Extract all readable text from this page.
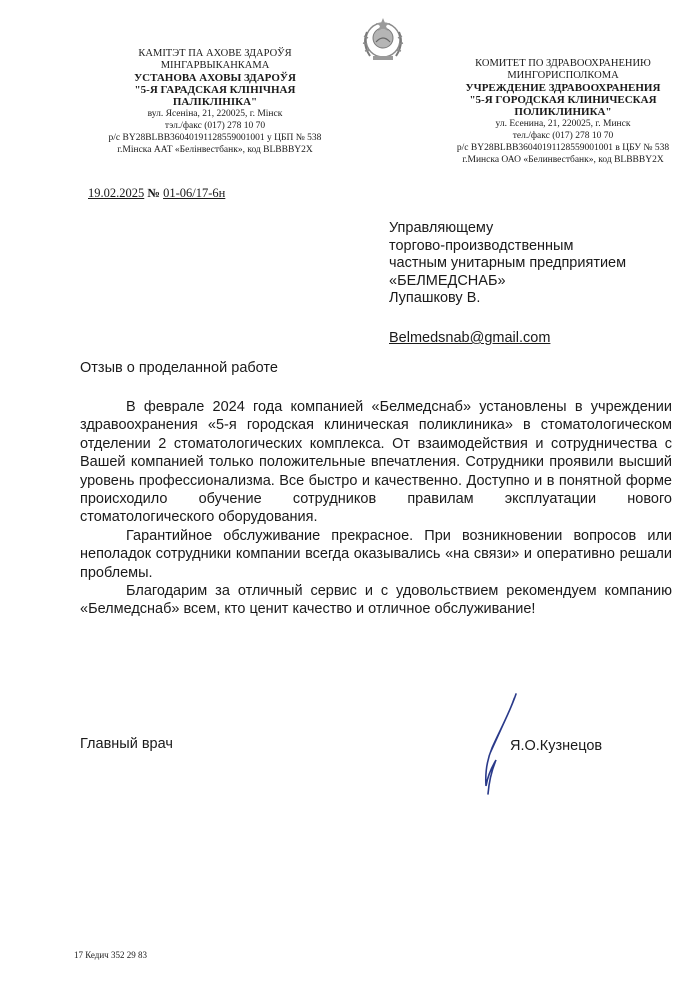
КАМІТЭТ ПА АХОВЕ ЗДАРОЎЯ
МІНГАРВЫКАНКАМА
УСТАНОВА АХОВЫ ЗДАРОЎЯ
"5-Я ГАРАДСКАЯ КЛІНІЧНАЯ
ПАЛІКЛІНІКА"
вул. Ясеніна, 21, 220025, г. Мінск
тэл./факс (017) 278 10 70
р/с BY28BLBB36040191128559001001 у ЦБП № 538
г.Мінска ААТ «Белінвестбанк», код BLBBBY2X
КОМИТЕТ ПО ЗДРАВООХРАНЕНИЮ
МИНГОРИСПОЛКОМА
УЧРЕЖДЕНИЕ ЗДРАВООХРАНЕНИЯ
"5-Я ГОРОДСКАЯ КЛИНИЧЕСКАЯ
ПОЛИКЛИНИКА"
ул. Есенина, 21, 220025, г. Минск
тел./факс (017) 278 10 70
р/с BY28BLBB36040191128559001001 в ЦБУ № 538
г.Минска ОАО «Белинвестбанк», код BLBBBY2X
19.02.2025 № 01-06/17-6н
Управляющему
торгово-производственным
частным унитарным предприятием
«БЕЛМЕДСНАБ»
Лупашкову В.
Belmedsnab@gmail.com
Отзыв о проделанной работе

В феврале 2024 года компанией «Белмедснаб» установлены в учреждении здравоохранения «5-я городская клиническая поликлиника» в стоматологическом отделении 2 стоматологических комплекса. От взаимодействия и сотрудничества с Вашей компанией только положительные впечатления. Сотрудники проявили высший уровень профессионализма. Все быстро и качественно. Доступно и в понятной форме происходило обучение сотрудников правилам эксплуатации нового стоматологического оборудования.

Гарантийное обслуживание прекрасное. При возникновении вопросов или неполадок сотрудники компании всегда оказывались «на связи» и оперативно решали проблемы.

Благодарим за отличный сервис и с удовольствием рекомендуем компанию «Белмедснаб» всем, кто ценит качество и отличное обслуживание!

Главный врач	Я.О.Кузнецов
17 Кедич 352 29 83
